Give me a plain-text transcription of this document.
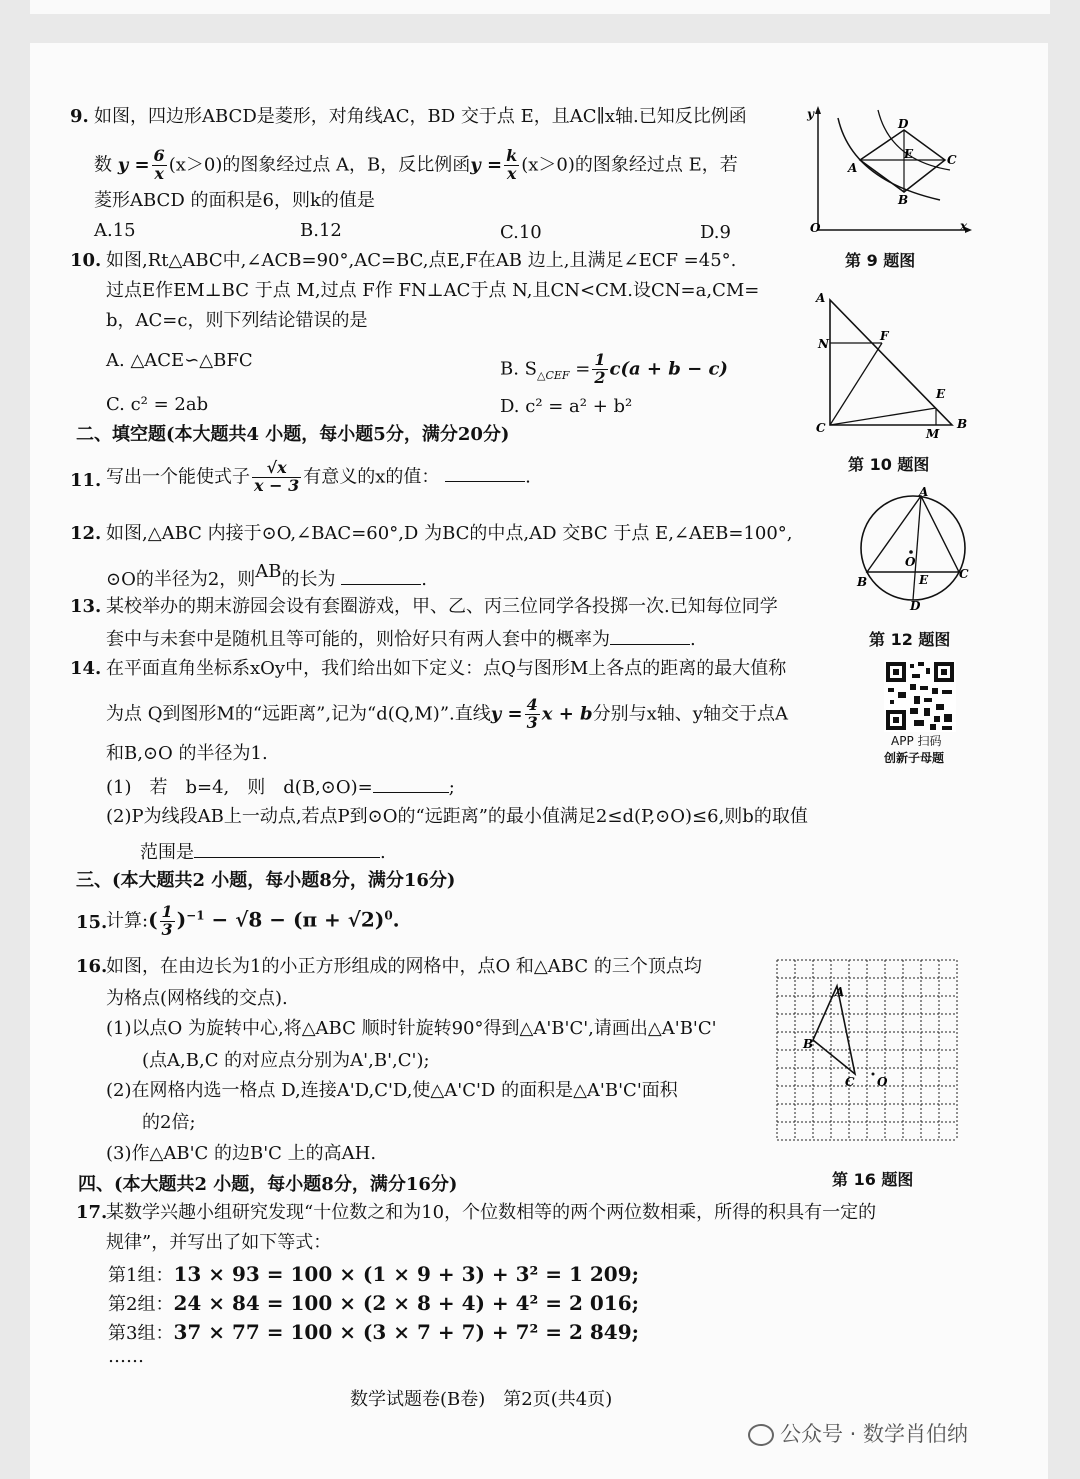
9. 如图，四边形ABCD是菱形，对角线AC，BD 交于点 E，且AC∥x轴.已知反比例函
数 $y = \frac{6}{x} (x>0)$的图象经过点 A，B，反比例函$y = \frac{k}{x} (x>0)$的图象经过点 E，若
菱形ABCD 的面积是6，则k的值是
A.15	B.12	C.10	D.9
y
x
O
D
E	C
A
B
第 9 题图
10. 如图,Rt△ABC中,∠ACB=90°,AC=BC,点E,F在AB 边上,且满足∠ECF =45°.
过点E作EM⊥BC 于点 M,过点 F作 FN⊥AC于点 N,且CN<CM.设CN=a,CM=
b，AC=c，则下列结论错误的是
A. △ACE∽△BFC	B. $S_{\triangle CEF} = \frac{1}{2} c(a + b - c)$
C. c² = 2ab	D. c² = a² + b²
A
N
F
E
B
M
C
第 10 题图
二、填空题(本大题共4 小题，每小题5分，满分20分)
11. 写出一个能使式子 $\frac{√x}{x - 3}$ 有意义的x的值：	.
12. 如图,△ABC 内接于⊙O,∠BAC=60°,D 为BC的中点,AD 交BC 于点 E,∠AEB=100°,
⊙O的半径为2，则AB的长为	.
A
B
C
O
E
D
第 12 题图
13. 某校举办的期末游园会设有套圈游戏，甲、乙、丙三位同学各投掷一次.已知每位同学
套中与未套中是随机且等可能的，则恰好只有两人套中的概率为	.
14. 在平面直角坐标系xOy中，我们给出如下定义：点Q与图形M上各点的距离的最大值称
为点 Q到图形M的“远距离”,记为“d(Q,M)”.直线$y = \frac{4}{3}$ x + b分别与x轴、y轴交于点A
和B,⊙O 的半径为1.
(1)　若　b=4,　则　d(B,⊙O)=	;
(2)P为线段AB上一动点,若点P到⊙O的“远距离”的最小值满足2≤d(P,⊙O)≤6,则b的取值
范围是	.
APP 扫码
创新子母题
三、(本大题共2 小题，每小题8分，满分16分)
15.
计算:( $\frac{1}{3} )^{-1} - √8 - (\pi + √2)^0$.
16.
如图，在由边长为1的小正方形组成的网格中，点O 和△ABC 的三个顶点均
为格点(网格线的交点).
(1)以点O 为旋转中心,将△ABC 顺时针旋转90°得到△A'B'C',请画出△A'B'C'
(点A,B,C 的对应点分别为A',B',C');
(2)在网格内选一格点 D,连接A'D,C'D,使△A'C'D 的面积是△A'B'C'面积
的2倍;
(3)作△AB'C 的边B'C 上的高AH.
A
B
C O
第 16 题图
四、(本大题共2 小题，每小题8分，满分16分)
17.
某数学兴趣小组研究发现“十位数之和为10，个位数相等的两个两位数相乘，所得的积具有一定的
规律”，并写出了如下等式：
第1组：13 × 93 = 100 × (1 × 9 + 3) + 3² = 1 209;
第2组：24 × 84 = 100 × (2 × 8 + 4) + 4² = 2 016;
第3组：37 × 77 = 100 × (3 × 7 + 7) + 7² = 2 849;
……
数学试题卷(B卷)　第2页(共4页)
公众号 · 数学肖伯纳
